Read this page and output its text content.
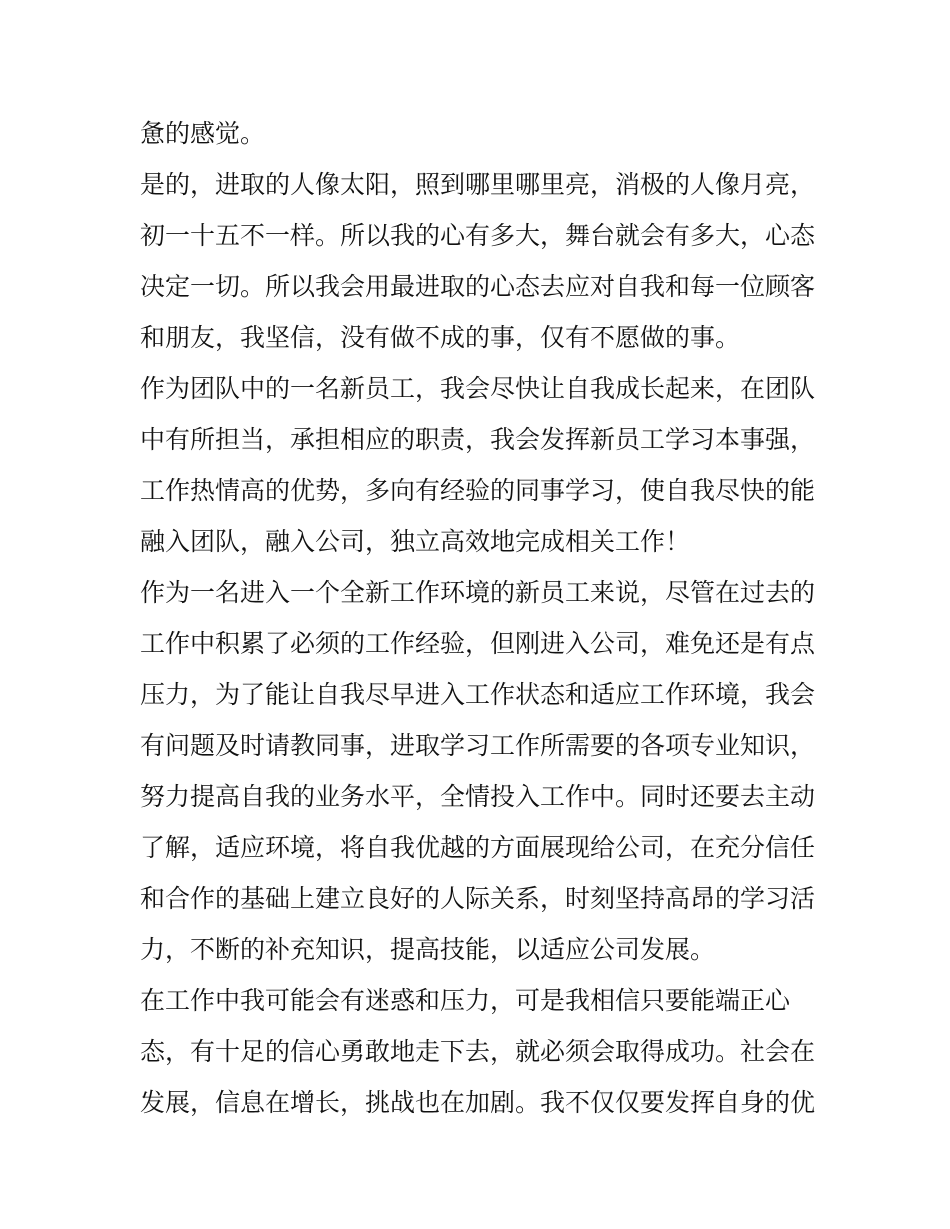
惫的感觉。
是的，进取的人像太阳，照到哪里哪里亮，消极的人像月亮，
初一十五不一样。所以我的心有多大，舞台就会有多大，心态
决定一切。所以我会用最进取的心态去应对自我和每一位顾客
和朋友，我坚信，没有做不成的事，仅有不愿做的事。
作为团队中的一名新员工，我会尽快让自我成长起来，在团队
中有所担当，承担相应的职责，我会发挥新员工学习本事强，
工作热情高的优势，多向有经验的同事学习，使自我尽快的能
融入团队，融入公司，独立高效地完成相关工作！
作为一名进入一个全新工作环境的新员工来说，尽管在过去的
工作中积累了必须的工作经验，但刚进入公司，难免还是有点
压力，为了能让自我尽早进入工作状态和适应工作环境，我会
有问题及时请教同事，进取学习工作所需要的各项专业知识，
努力提高自我的业务水平，全情投入工作中。同时还要去主动
了解，适应环境，将自我优越的方面展现给公司，在充分信任
和合作的基础上建立良好的人际关系，时刻坚持高昂的学习活
力，不断的补充知识，提高技能，以适应公司发展。
在工作中我可能会有迷惑和压力，可是我相信只要能端正心
态，有十足的信心勇敢地走下去，就必须会取得成功。社会在
发展，信息在增长，挑战也在加剧。我不仅仅要发挥自身的优
